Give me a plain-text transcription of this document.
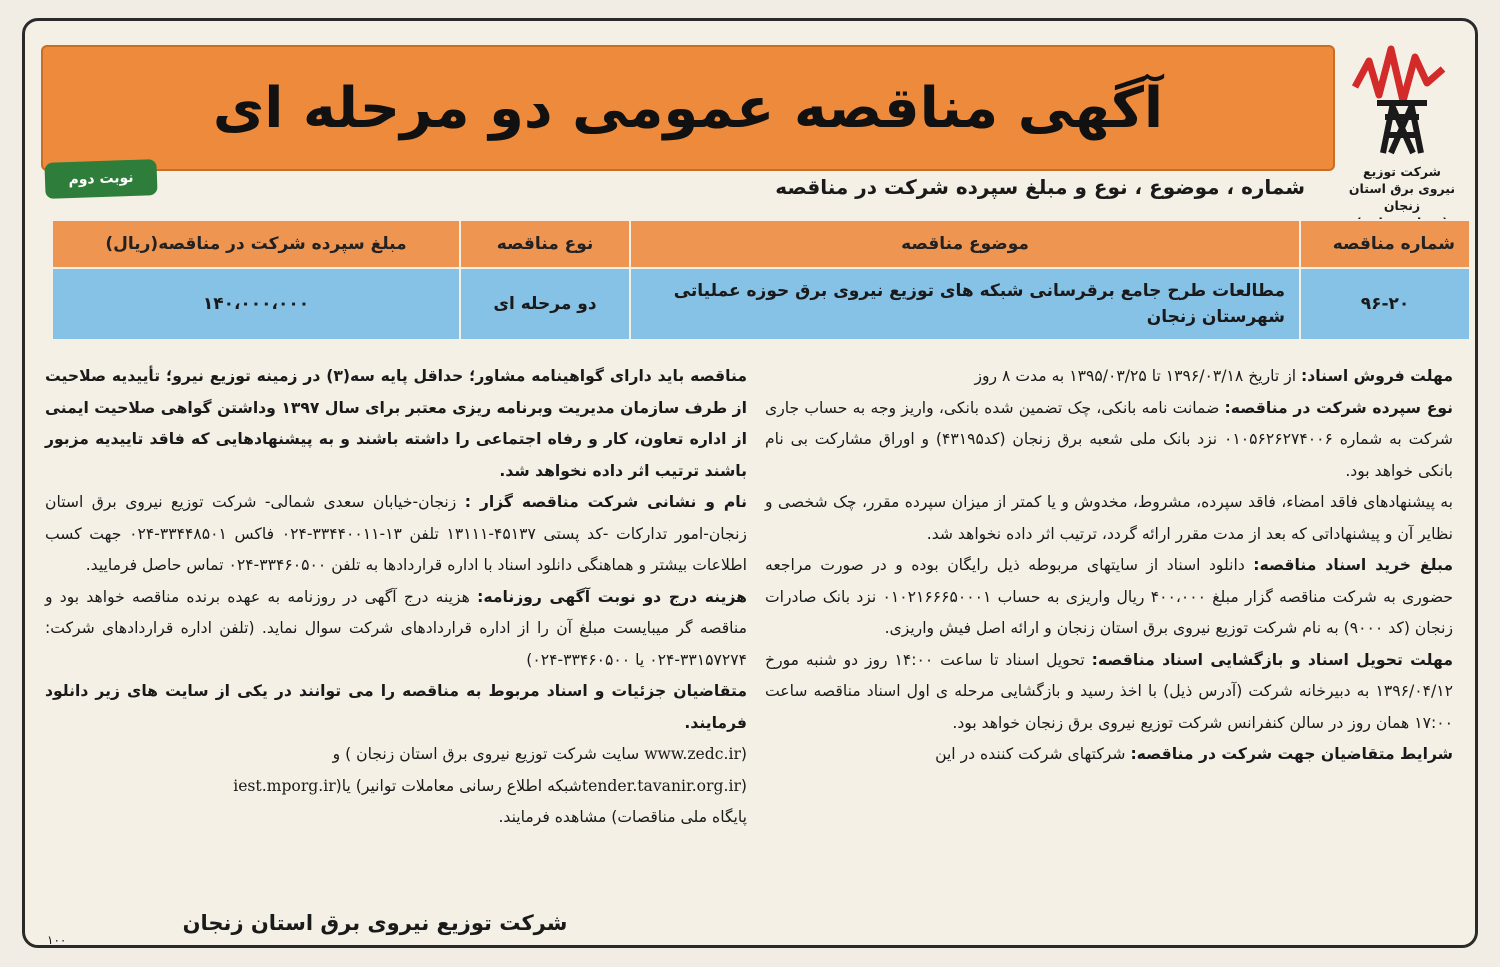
آگهی مناقصه عمومی دو مرحله ای
شرکت توزیع
نیروی برق استان زنجان
نوبت دوم	شماره ، موضوع ، نوع و مبلغ سپرده شرکت در مناقصه
شماره مناقصه	موضوع مناقصه	نوع مناقصه	مبلغ سپرده شرکت در مناقصه(ریال)
۹۶-۲۰	مطالعات طرح جامع برقرسانی شبکه های توزیع نیروی برق حوزه عملیاتی شهرستان زنجان	دو مرحله ای	۱۴۰،۰۰۰،۰۰۰

مهلت فروش اسناد: از تاریخ ۱۳۹۶/۰۳/۱۸ تا ۱۳۹۵/۰۳/۲۵ به مدت ۸ روز

نوع سپرده شرکت در مناقصه: ضمانت نامه بانکی، چک تضمین شده بانکی، واریز وجه به حساب جاری شرکت به شماره ۰۱۰۵۶۲۶۲۷۴۰۰۶ نزد بانک ملی شعبه برق زنجان (کد۴۳۱۹۵) و اوراق مشارکت بی نام بانکی خواهد بود.

به پیشنهادهای فاقد امضاء، فاقد سپرده، مشروط، مخدوش و یا کمتر از میزان سپرده مقرر، چک شخصی و نظایر آن و پیشنهاداتی که بعد از مدت مقرر ارائه گردد، ترتیب اثر داده نخواهد شد.

مبلغ خرید اسناد مناقصه: دانلود اسناد از سایتهای مربوطه ذیل رایگان بوده و در صورت مراجعه حضوری به شرکت مناقصه گزار مبلغ ۴۰۰،۰۰۰ ریال واریزی به حساب ۰۱۰۲۱۶۶۶۵۰۰۰۱ نزد بانک صادرات زنجان (کد ۹۰۰۰) به نام شرکت توزیع نیروی برق استان زنجان و ارائه اصل فیش واریزی.

مهلت تحویل اسناد و بازگشایی اسناد مناقصه: تحویل اسناد تا ساعت ۱۴:۰۰ روز دو شنبه مورخ ۱۳۹۶/۰۴/۱۲ به دبیرخانه شرکت (آدرس ذیل) با اخذ رسید و بازگشایی مرحله ی اول اسناد مناقصه ساعت ۱۷:۰۰ همان روز در سالن کنفرانس شرکت توزیع نیروی برق زنجان خواهد بود.

شرایط متقاضیان جهت شرکت در مناقصه: شرکتهای شرکت کننده در این

مناقصه باید دارای گواهینامه مشاور؛ حداقل پایه سه(۳) در زمینه توزیع نیرو؛ تأییدیه صلاحیت از طرف سازمان مدیریت وبرنامه ریزی معتبر برای سال ۱۳۹۷ وداشتن گواهی صلاحیت ایمنی از اداره تعاون، کار و رفاه اجتماعی را داشته باشند و به پیشنهادهایی که فاقد تاییدیه مزبور باشند ترتیب اثر داده نخواهد شد.

نام و نشانی شرکت مناقصه گزار : زنجان-خیابان سعدی شمالی- شرکت توزیع نیروی برق استان زنجان-امور تدارکات -کد پستی ۴۵۱۳۷-۱۳۱۱۱ تلفن ۱۳-۳۳۴۴۰۰۱۱-۰۲۴ فاکس ۳۳۴۴۸۵۰۱-۰۲۴ جهت کسب اطلاعات بیشتر و هماهنگی دانلود اسناد با اداره قراردادها به تلفن ۳۳۴۶۰۵۰۰-۰۲۴ تماس حاصل فرمایید.

هزینه درج دو نوبت آگهی روزنامه: هزینه درج آگهی در روزنامه به عهده برنده مناقصه خواهد بود و مناقصه گر میبایست مبلغ آن را از اداره قراردادهای شرکت سوال نماید. (تلفن اداره قراردادهای شرکت: ۳۳۱۵۷۲۷۴-۰۲۴ یا ۳۳۴۶۰۵۰۰-۰۲۴)

متقاضیان جزئیات و اسناد مربوط به مناقصه را می توانند در یکی از سایت های زیر دانلود فرمایند.

(www.zedc.ir سایت شرکت توزیع نیروی برق استان زنجان ) و

(tender.tavanir.org.irشبکه اطلاع رسانی معاملات توانیر) یا(iest.mporg.ir

پایگاه ملی مناقصات) مشاهده فرمایند.

شرکت توزیع نیروی برق استان زنجان
۱۰۰
